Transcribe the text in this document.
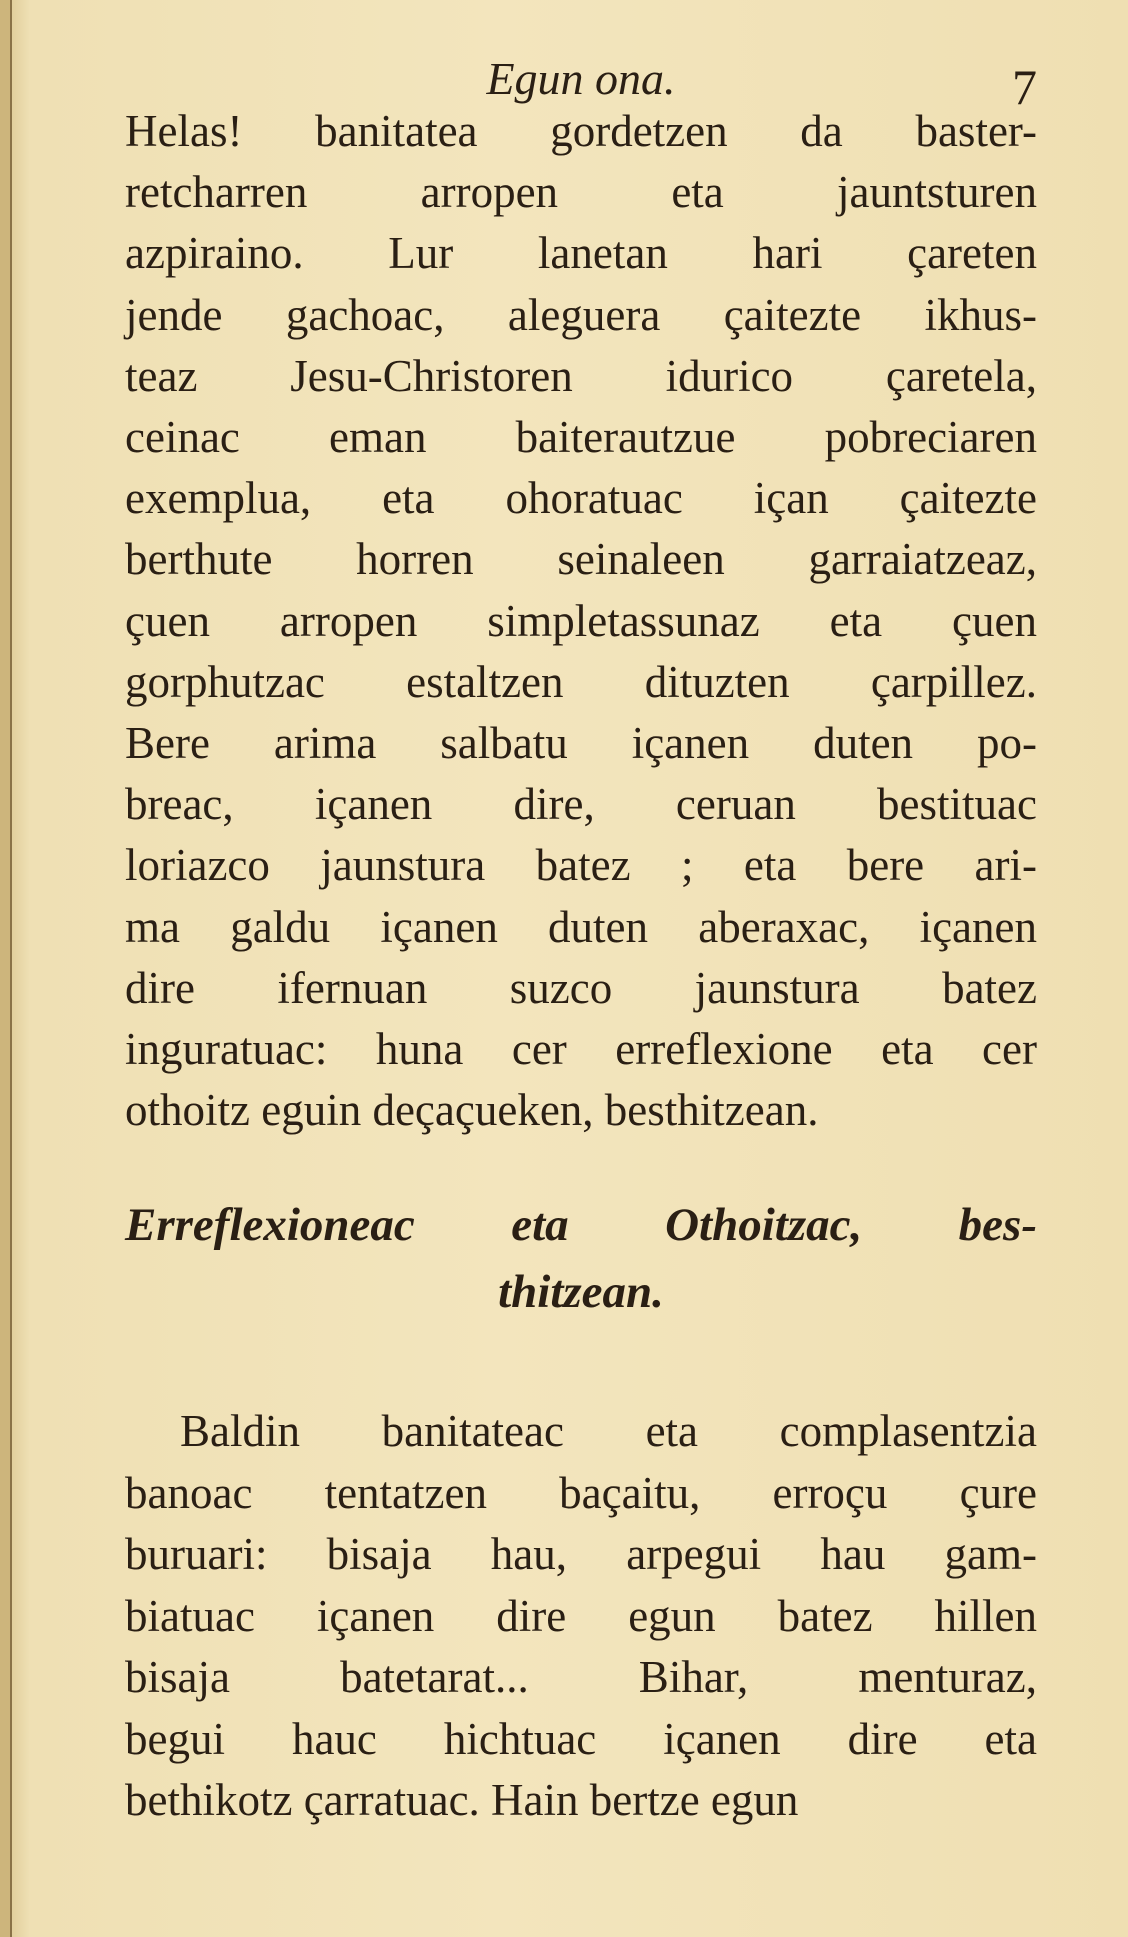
Egun ona.	7
Helas! banitatea gordetzen da baster-
retcharren arropen eta jauntsturen
azpiraino. Lur lanetan hari çareten
jende gachoac, aleguera çaitezte ikhus-
teaz Jesu-Christoren idurico çaretela,
ceinac eman baiterautzue pobreciaren
exemplua, eta ohoratuac içan çaitezte
berthute horren seinaleen garraiatzeaz,
çuen arropen simpletassunaz eta çuen
gorphutzac estaltzen dituzten çarpillez.
Bere arima salbatu içanen duten po-
breac, içanen dire, ceruan bestituac
loriazco jaunstura batez ; eta bere ari-
ma galdu içanen duten aberaxac, içanen
dire ifernuan suzco jaunstura batez
inguratuac: huna cer erreflexione eta cer
othoitz eguin deçaçueken, besthitzean.
Erreflexioneac eta Othoitzac, bes-
thitzean.
Baldin banitateac eta complasentzia
banoac tentatzen baçaitu, erroçu çure
buruari: bisaja hau, arpegui hau gam-
biatuac içanen dire egun batez hillen
bisaja batetarat... Bihar, menturaz,
begui hauc hichtuac içanen dire eta
bethikotz çarratuac. Hain bertze egun
